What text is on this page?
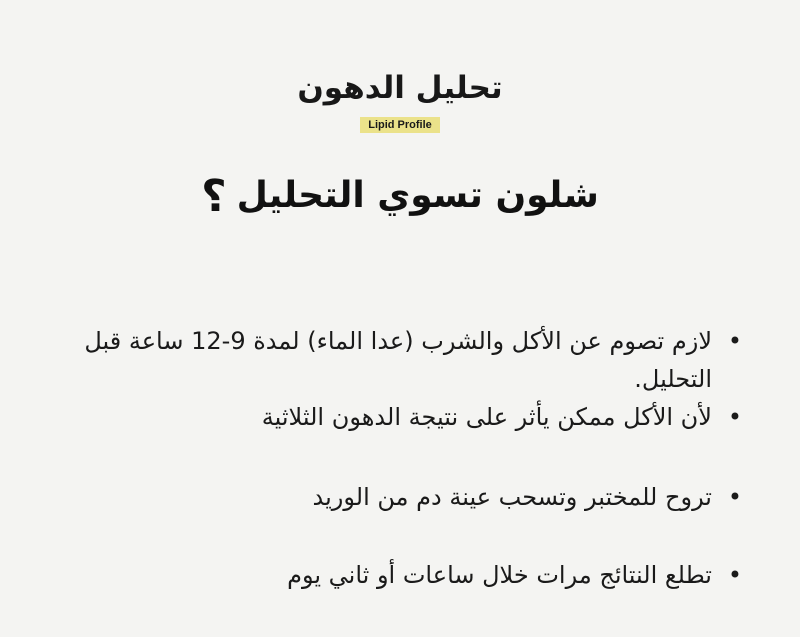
تحليل الدهون
Lipid Profile
شلون تسوي التحليل؟
•
لازم تصوم عن الأكل والشرب (عدا الماء) لمدة 9-12 ساعة قبل التحليل.
•
لأن الأكل ممكن يأثر على نتيجة الدهون الثلاثية
•
تروح للمختبر وتسحب عينة دم من الوريد
•
تطلع النتائج مرات خلال ساعات أو ثاني يوم
